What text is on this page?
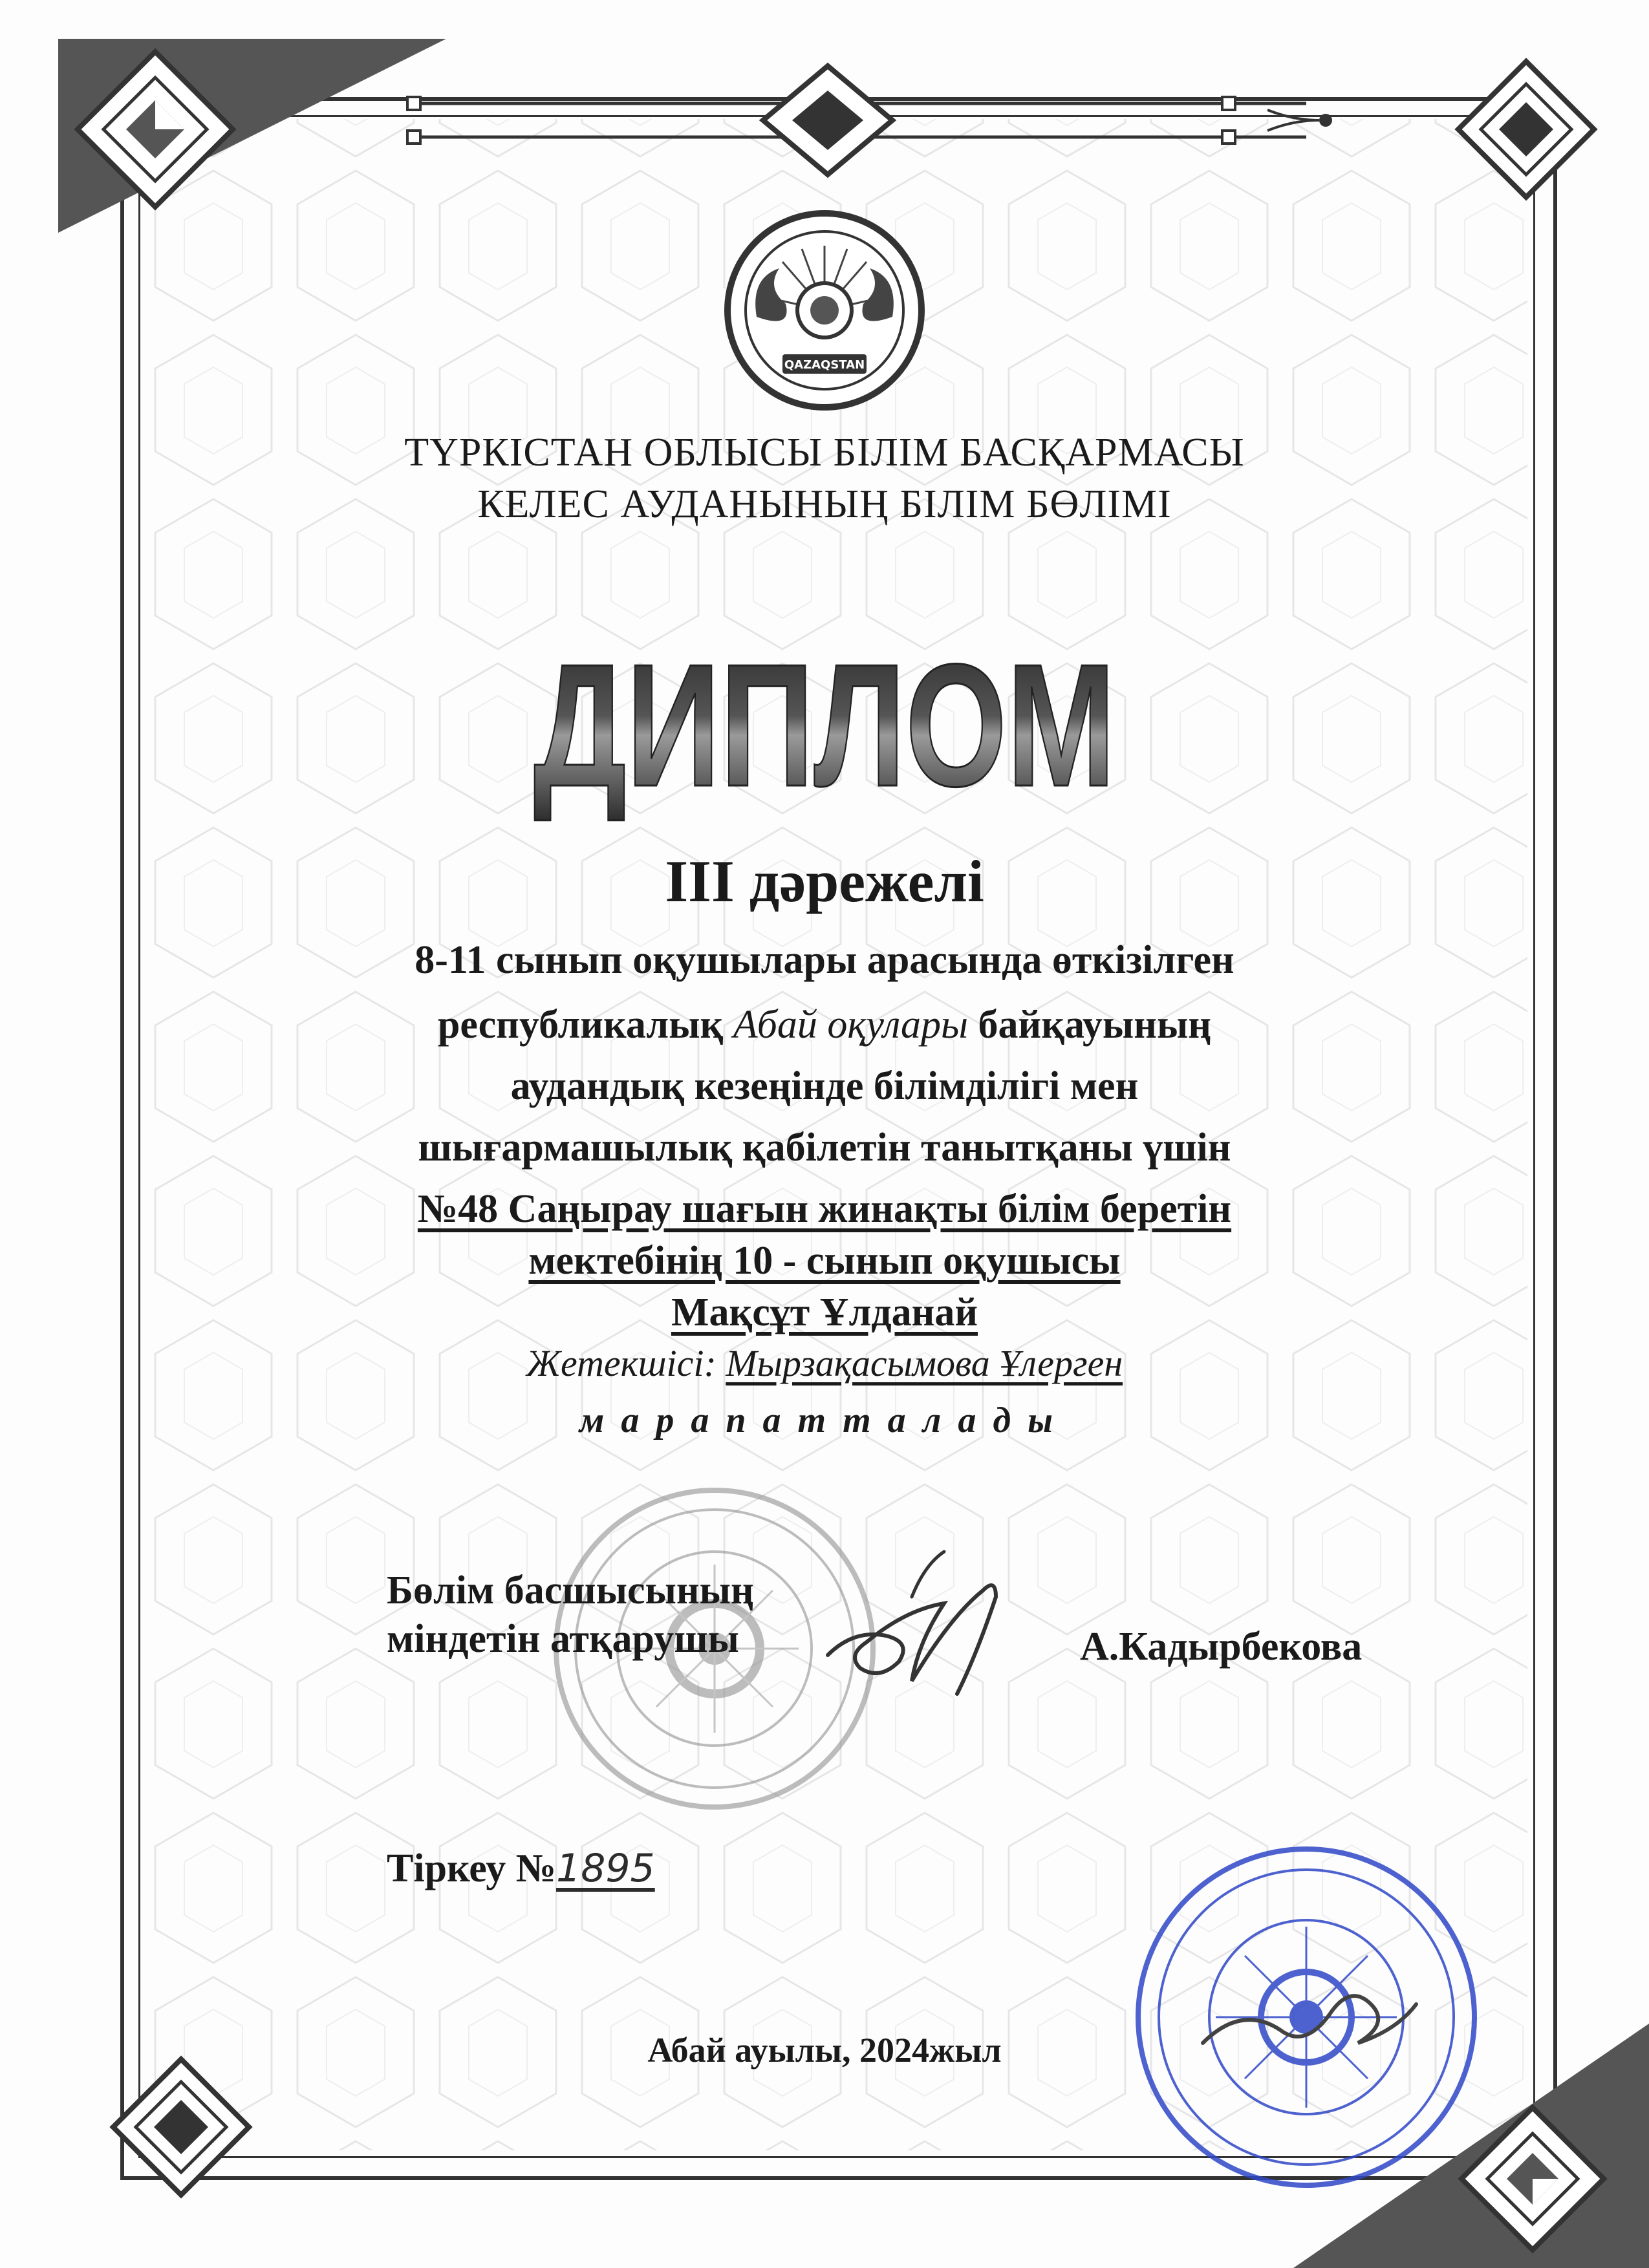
QAZAQSTAN
ТҮРКІСТАН ОБЛЫСЫ БІЛІМ БАСҚАРМАСЫ
КЕЛЕС АУДАНЫНЫҢ БІЛІМ БӨЛІМІ
ДИПЛОМ
III дәрежелі
8-11 сынып оқушылары арасында өткізілген
республикалық Абай оқулары байқауының
аудандық кезеңінде білімділігі мен
шығармашылық қабілетін танытқаны үшін
№48 Саңырау шағын жинақты білім беретін
мектебінің 10 - сынып оқушысы
Мақсұт Ұлданай
Жетекшісі: Мырзақасымова Ұлерген
марапатталады
Бөлім басшысының
міндетін атқарушы	А.Кадырбекова
Тіркеу №1895
Абай ауылы, 2024жыл
